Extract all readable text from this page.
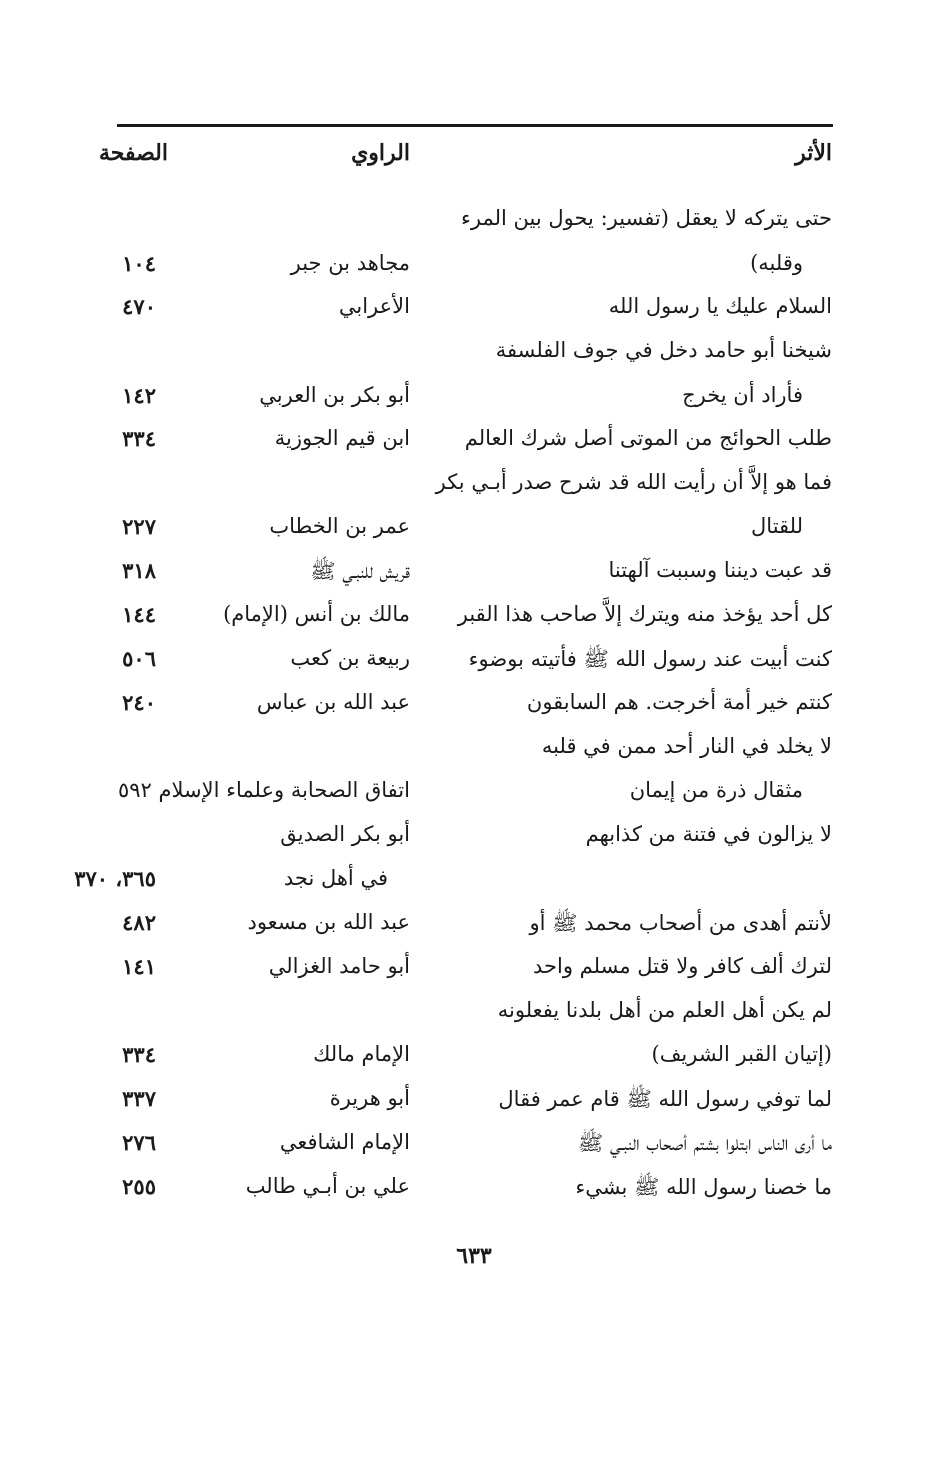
الأثر
الراوي
الصفحة
حتى يتركه لا يعقل (تفسير: يحول بين المرء
وقلبه)
مجاهد بن جبر
١٠٤
السلام عليك يا رسول الله
الأعرابي
٤٧٠
شيخنا أبو حامد دخل في جوف الفلسفة
فأراد أن يخرج
أبو بكر بن العربي
١٤٢
طلب الحوائج من الموتى أصل شرك العالم
ابن قيم الجوزية
٣٣٤
فما هو إلاَّ أن رأيت الله قد شرح صدر أبـي بكر
للقتال
عمر بن الخطاب
٢٢٧
قد عبت ديننا وسببت آلهتنا
قريش للنبـي ﷺ
٣١٨
كل أحد يؤخذ منه ويترك إلاَّ صاحب هذا القبر
مالك بن أنس (الإمام)
١٤٤
كنت أبيت عند رسول الله ﷺ فأتيته بوضوء
ربيعة بن كعب
٥٠٦
كنتم خير أمة أخرجت. هم السابقون
عبد الله بن عباس
٢٤٠
لا يخلد في النار أحد ممن في قلبه
مثقال ذرة من إيمان
اتفاق الصحابة وعلماء الإسلام ٥٩٢
لا يزالون في فتنة من كذابهم
أبو بكر الصديق
في أهل نجد
٣٦٥، ٣٧٠
لأنتم أهدى من أصحاب محمد ﷺ أو
عبد الله بن مسعود
٤٨٢
لترك ألف كافر ولا قتل مسلم واحد
أبو حامد الغزالي
١٤١
لم يكن أهل العلم من أهل بلدنا يفعلونه
(إتيان القبر الشريف)
الإمام مالك
٣٣٤
لما توفي رسول الله ﷺ قام عمر فقال
أبو هريرة
٣٣٧
ما أرى الناس ابتلوا بشتم أصحاب النبـي ﷺ
الإمام الشافعي
٢٧٦
ما خصنا رسول الله ﷺ بشيء
علي بن أبـي طالب
٢٥٥
٦٣٣
